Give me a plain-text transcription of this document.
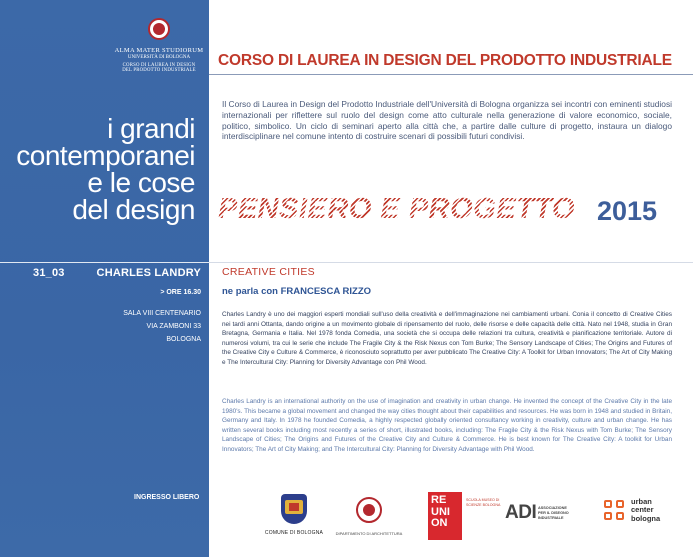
ALMA MATER STUDIORUM
UNIVERSITÀ DI BOLOGNA
CORSO DI LAUREA IN DESIGN
DEL PRODOTTO INDUSTRIALE
i grandi
contemporanei
e le cose
del design
31_03	CHARLES LANDRY
> ORE 16.30
SALA VIII CENTENARIO
VIA ZAMBONI 33
BOLOGNA
INGRESSO LIBERO
CORSO DI LAUREA IN DESIGN DEL PRODOTTO INDUSTRIALE

Il Corso di Laurea in Design del Prodotto Industriale dell'Università di Bologna organizza sei incontri con eminenti studiosi internazionali per riflettere sul ruolo del design come atto culturale nella generazione di valore economico, sociale, politico, simbolico. Un ciclo di seminari aperto alla città che, a partire dalle culture di progetto, instaura un dialogo interdisciplinare nel comune intento di costruire scenari di possibili futuri condivisi.

PENSIERO E PROGETTO 2015
CREATIVE CITIES
ne parla con FRANCESCA RIZZO

Charles Landry è uno dei maggiori esperti mondiali sull'uso della creatività e dell'immaginazione nei cambiamenti urbani. Conia il concetto di Creative Cities nei tardi anni Ottanta, dando origine a un movimento globale di ripensamento del ruolo, delle risorse e delle capacità delle città. Nato nel 1948, studia in Gran Bretagna, Germania e Italia. Nel 1978 fonda Comedia, una società che si occupa delle relazioni tra cultura, creatività e pianificazione territoriale. Autore di numerosi volumi, tra cui le serie che include The Fragile City & the Risk Nexus con Tom Burke; The Sensory Landscape of Cities; The Origins and Futures of the Creative City e Culture & Commerce, è riconosciuto soprattutto per aver pubblicato The Creative City: A Toolkit for Urban Innovators; The Art of City Making e The Intercultural City: Planning for Diversity Advantage con Phil Wood.

Charles Landry is an international authority on the use of imagination and creativity in urban change. He invented the concept of the Creative City in the late 1980's. This became a global movement and changed the way cities thought about their capabilities and resources. He was born in 1948 and studied in Britain, Germany and Italy. In 1978 he founded Comedia, a highly respected globally oriented consultancy working in creativity, culture and urban change. He has written several books including most recently a series of short, illustrated books, including: The Fragile City & the Risk Nexus with Tom Burke; The Sensory Landscape of Cities; The Origins and Futures of the Creative City and Culture & Commerce. He is best known for The Creative City: A toolkit for Urban Innovators; The Art of City Making; and The Intercultural City: Planning for Diversity Advantage with Phil Wood.

COMUNE DI BOLOGNA	DIPARTIMENTO DI ARCHITETTURA
RE
UNI
ON
SCUOLA MUSEO DI SCIENZE BOLOGNA ADI ASSOCIAZIONE
PER IL DISEGNO
INDUSTRIALE
urban
center
bologna
